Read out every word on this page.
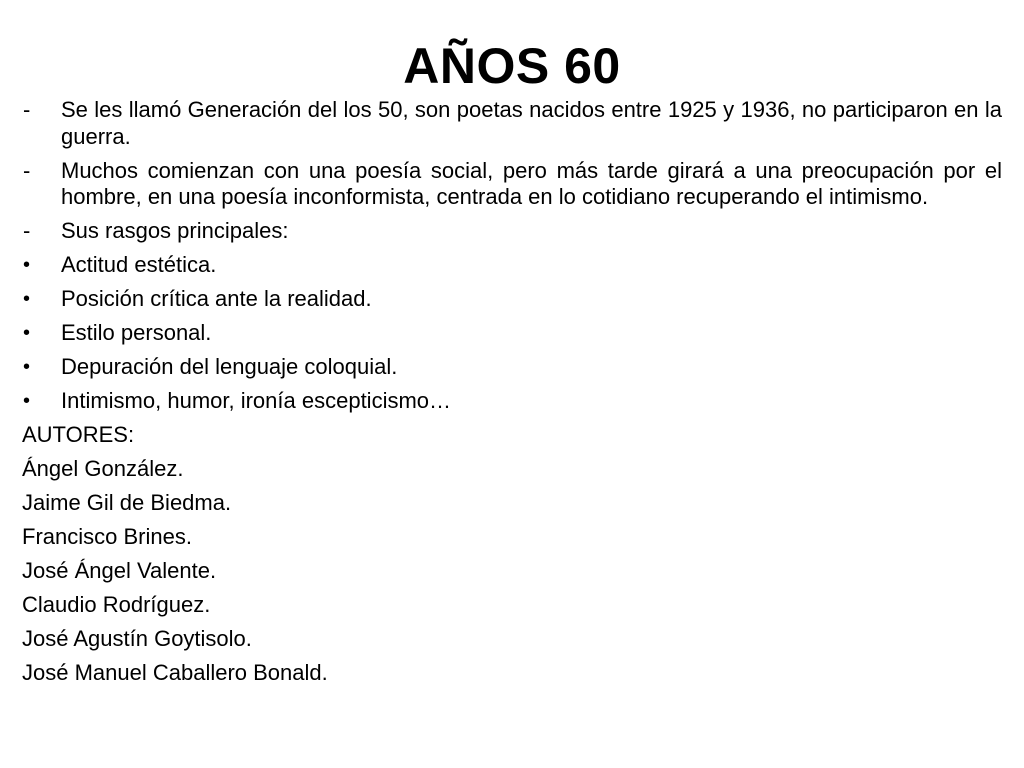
AÑOS 60
-	Se les llamó Generación del los 50, son poetas nacidos entre 1925 y 1936, no participaron en la guerra.
-	Muchos comienzan con una poesía social, pero más tarde girará a una preocupación por el hombre, en una poesía inconformista, centrada en lo cotidiano recuperando el intimismo.
-	Sus rasgos principales:
•	Actitud estética.
•	Posición crítica ante la realidad.
•	Estilo personal.
•	Depuración del lenguaje coloquial.
•	Intimismo, humor, ironía escepticismo…
AUTORES:
Ángel González.
Jaime Gil de Biedma.
Francisco Brines.
José Ángel Valente.
Claudio Rodríguez.
José Agustín Goytisolo.
José Manuel Caballero Bonald.
